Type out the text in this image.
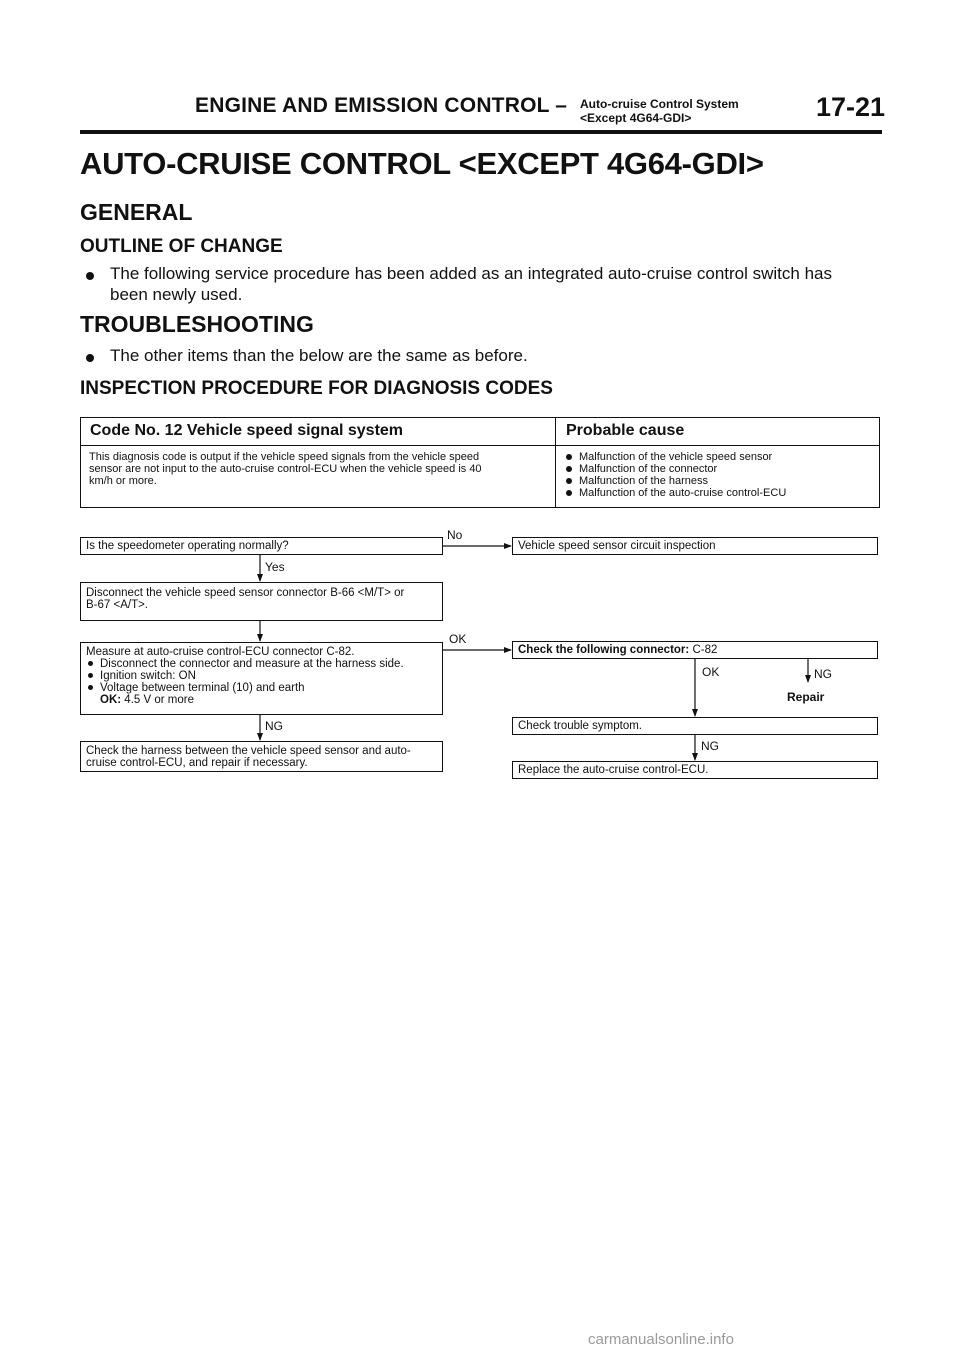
ENGINE AND EMISSION CONTROL – Auto-cruise Control System
<Except 4G64-GDI>	17-21
AUTO-CRUISE CONTROL <EXCEPT 4G64-GDI>
GENERAL
OUTLINE OF CHANGE
The following service procedure has been added as an integrated auto-cruise control switch has
been newly used.
TROUBLESHOOTING
The other items than the below are the same as before.
INSPECTION PROCEDURE FOR DIAGNOSIS CODES
Code No. 12 Vehicle speed signal system	Probable cause
This diagnosis code is output if the vehicle speed signals from the vehicle speed
sensor are not input to the auto-cruise control-ECU when the vehicle speed is 40
km/h or more.
Malfunction of the vehicle speed sensor
Malfunction of the connector
Malfunction of the harness
Malfunction of the auto-cruise control-ECU
Is the speedometer operating normally?
No
Vehicle speed sensor circuit inspection
Yes
Disconnect the vehicle speed sensor connector B-66 <M/T> or
B-67 <A/T>.
Measure at auto-cruise control-ECU connector C-82.
Disconnect the connector and measure at the harness side.
Ignition switch: ON
Voltage between terminal (10) and earth
OK: 4.5 V or more
OK
Check the following connector: C-82
OK	NG
Repair
NG
Check the harness between the vehicle speed sensor and auto-
cruise control-ECU, and repair if necessary.
Check trouble symptom.
NG
Replace the auto-cruise control-ECU.
carmanualsonline.info
